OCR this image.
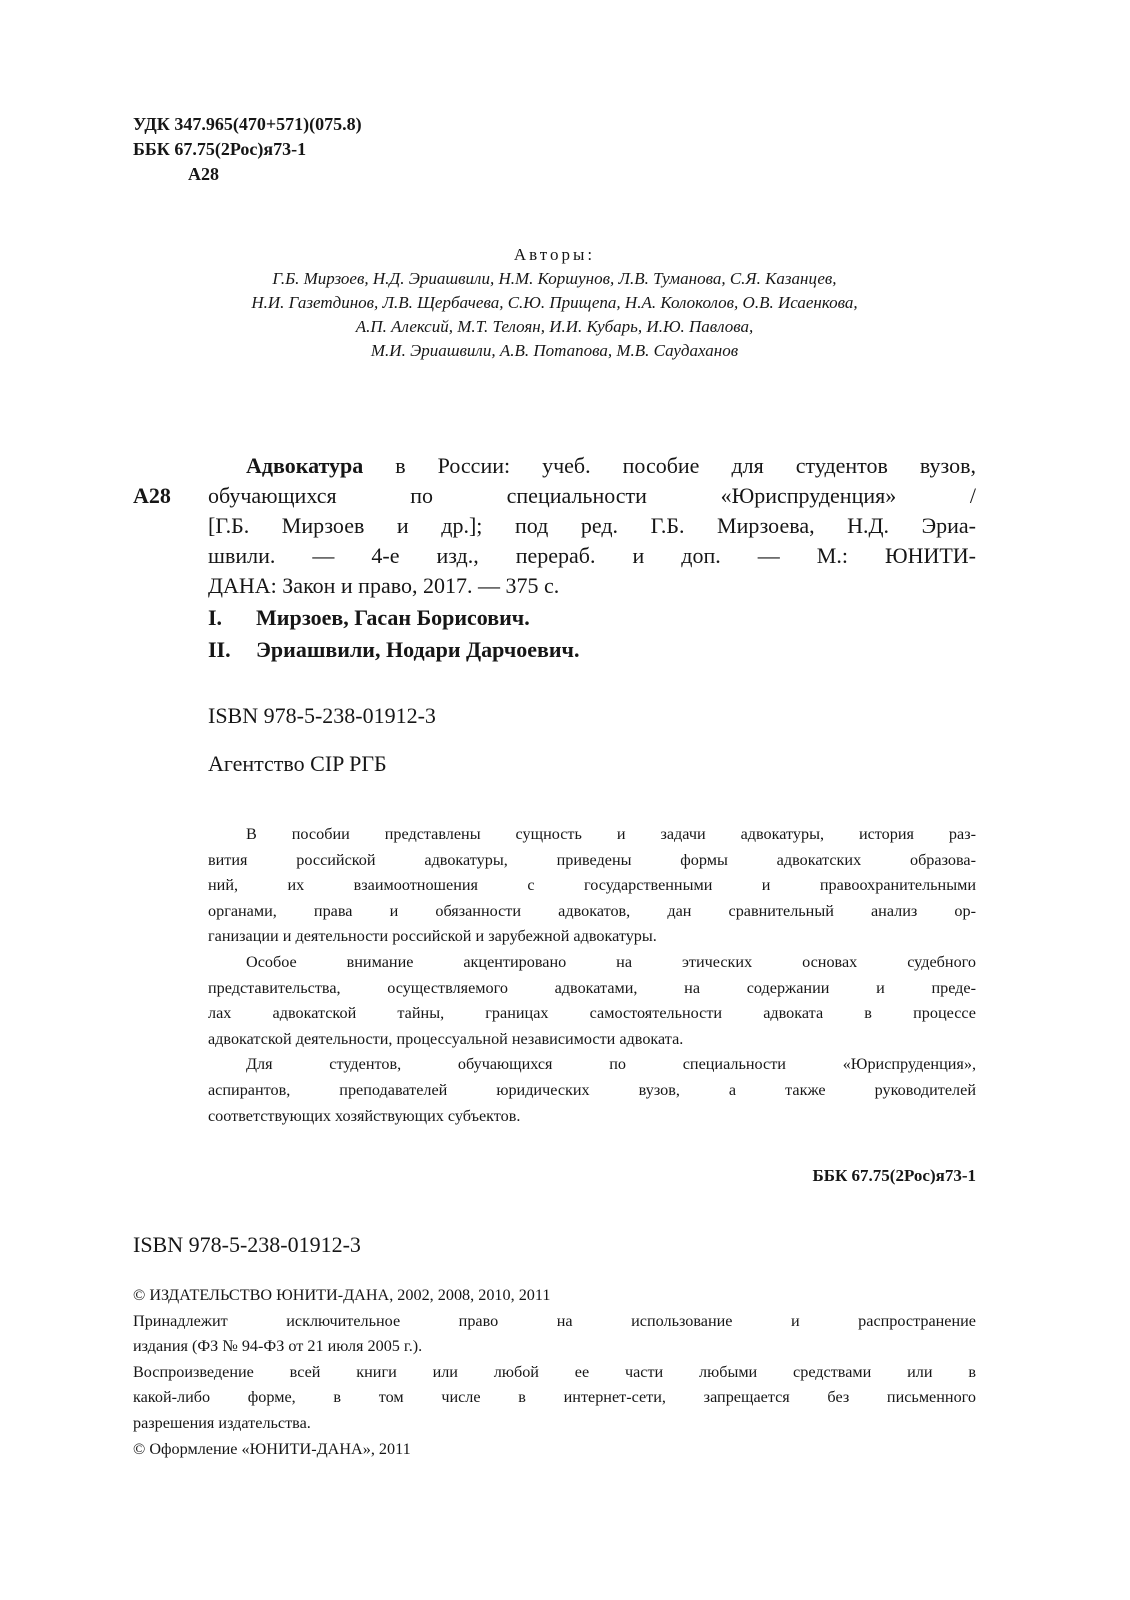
УДК 347.965(470+571)(075.8)
ББК 67.75(2Рос)я73-1
А28
Авторы:
Г.Б. Мирзоев, Н.Д. Эриашвили, Н.М. Коршунов, Л.В. Туманова, С.Я. Казанцев,
Н.И. Газетдинов, Л.В. Щербачева, С.Ю. Прищепа, Н.А. Колоколов, О.В. Исаенкова,
А.П. Алексий, М.Т. Телоян, И.И. Кубарь, И.Ю. Павлова,
М.И. Эриашвили, А.В. Потапова, М.В. Саудаханов
А28
Адвокатура в России: учеб. пособие для студентов вузов,
обучающихся по специальности «Юриспруденция» /
[Г.Б. Мирзоев и др.]; под ред. Г.Б. Мирзоева, Н.Д. Эриа-
швили. — 4-е изд., перераб. и доп. — М.: ЮНИТИ-
ДАНА: Закон и право, 2017. — 375 с.
I. Мирзоев, Гасан Борисович.
II. Эриашвили, Нодари Дарчоевич.
ISBN 978-5-238-01912-3
Агентство CIP РГБ
В пособии представлены сущность и задачи адвокатуры, история раз-
вития российской адвокатуры, приведены формы адвокатских образова-
ний, их взаимоотношения с государственными и правоохранительными
органами, права и обязанности адвокатов, дан сравнительный анализ ор-
ганизации и деятельности российской и зарубежной адвокатуры.
Особое внимание акцентировано на этических основах судебного
представительства, осуществляемого адвокатами, на содержании и преде-
лах адвокатской тайны, границах самостоятельности адвоката в процессе
адвокатской деятельности, процессуальной независимости адвоката.
Для студентов, обучающихся по специальности «Юриспруденция»,
аспирантов, преподавателей юридических вузов, а также руководителей
соответствующих хозяйствующих субъектов.
ББК 67.75(2Рос)я73-1
ISBN 978-5-238-01912-3
© ИЗДАТЕЛЬСТВО ЮНИТИ-ДАНА, 2002, 2008, 2010, 2011
Принадлежит исключительное право на использование и распространение
издания (ФЗ № 94-ФЗ от 21 июля 2005 г.).
Воспроизведение всей книги или любой ее части любыми средствами или в
какой-либо форме, в том числе в интернет-сети, запрещается без письменного
разрешения издательства.
© Оформление «ЮНИТИ-ДАНА», 2011
